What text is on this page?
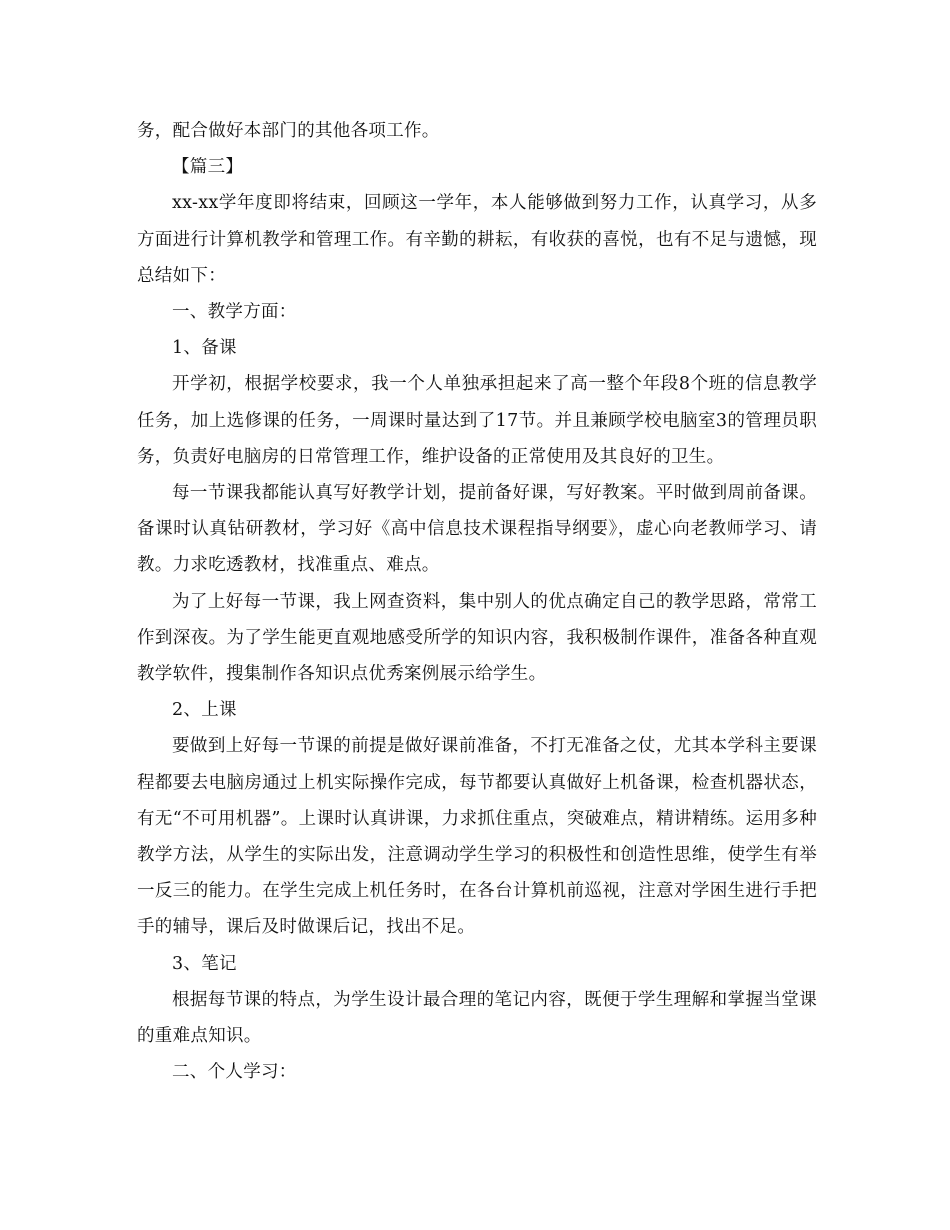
务，配合做好本部门的其他各项工作。

【篇三】

xx-xx学年度即将结束，回顾这一学年，本人能够做到努力工作，认真学习，从多方面进行计算机教学和管理工作。有辛勤的耕耘，有收获的喜悦，也有不足与遗憾，现总结如下：

一、教学方面：

1、备课

开学初，根据学校要求，我一个人单独承担起来了高一整个年段8个班的信息教学任务，加上选修课的任务，一周课时量达到了17节。并且兼顾学校电脑室3的管理员职务，负责好电脑房的日常管理工作，维护设备的正常使用及其良好的卫生。

每一节课我都能认真写好教学计划，提前备好课，写好教案。平时做到周前备课。备课时认真钻研教材，学习好《高中信息技术课程指导纲要》，虚心向老教师学习、请教。力求吃透教材，找准重点、难点。

为了上好每一节课，我上网查资料，集中别人的优点确定自己的教学思路，常常工作到深夜。为了学生能更直观地感受所学的知识内容，我积极制作课件，准备各种直观教学软件，搜集制作各知识点优秀案例展示给学生。

2、上课

要做到上好每一节课的前提是做好课前准备，不打无准备之仗，尤其本学科主要课程都要去电脑房通过上机实际操作完成，每节都要认真做好上机备课，检查机器状态，有无“不可用机器”。上课时认真讲课，力求抓住重点，突破难点，精讲精练。运用多种教学方法，从学生的实际出发，注意调动学生学习的积极性和创造性思维，使学生有举一反三的能力。在学生完成上机任务时，在各台计算机前巡视，注意对学困生进行手把手的辅导，课后及时做课后记，找出不足。

3、笔记

根据每节课的特点，为学生设计最合理的笔记内容，既便于学生理解和掌握当堂课的重难点知识。

二、个人学习：
